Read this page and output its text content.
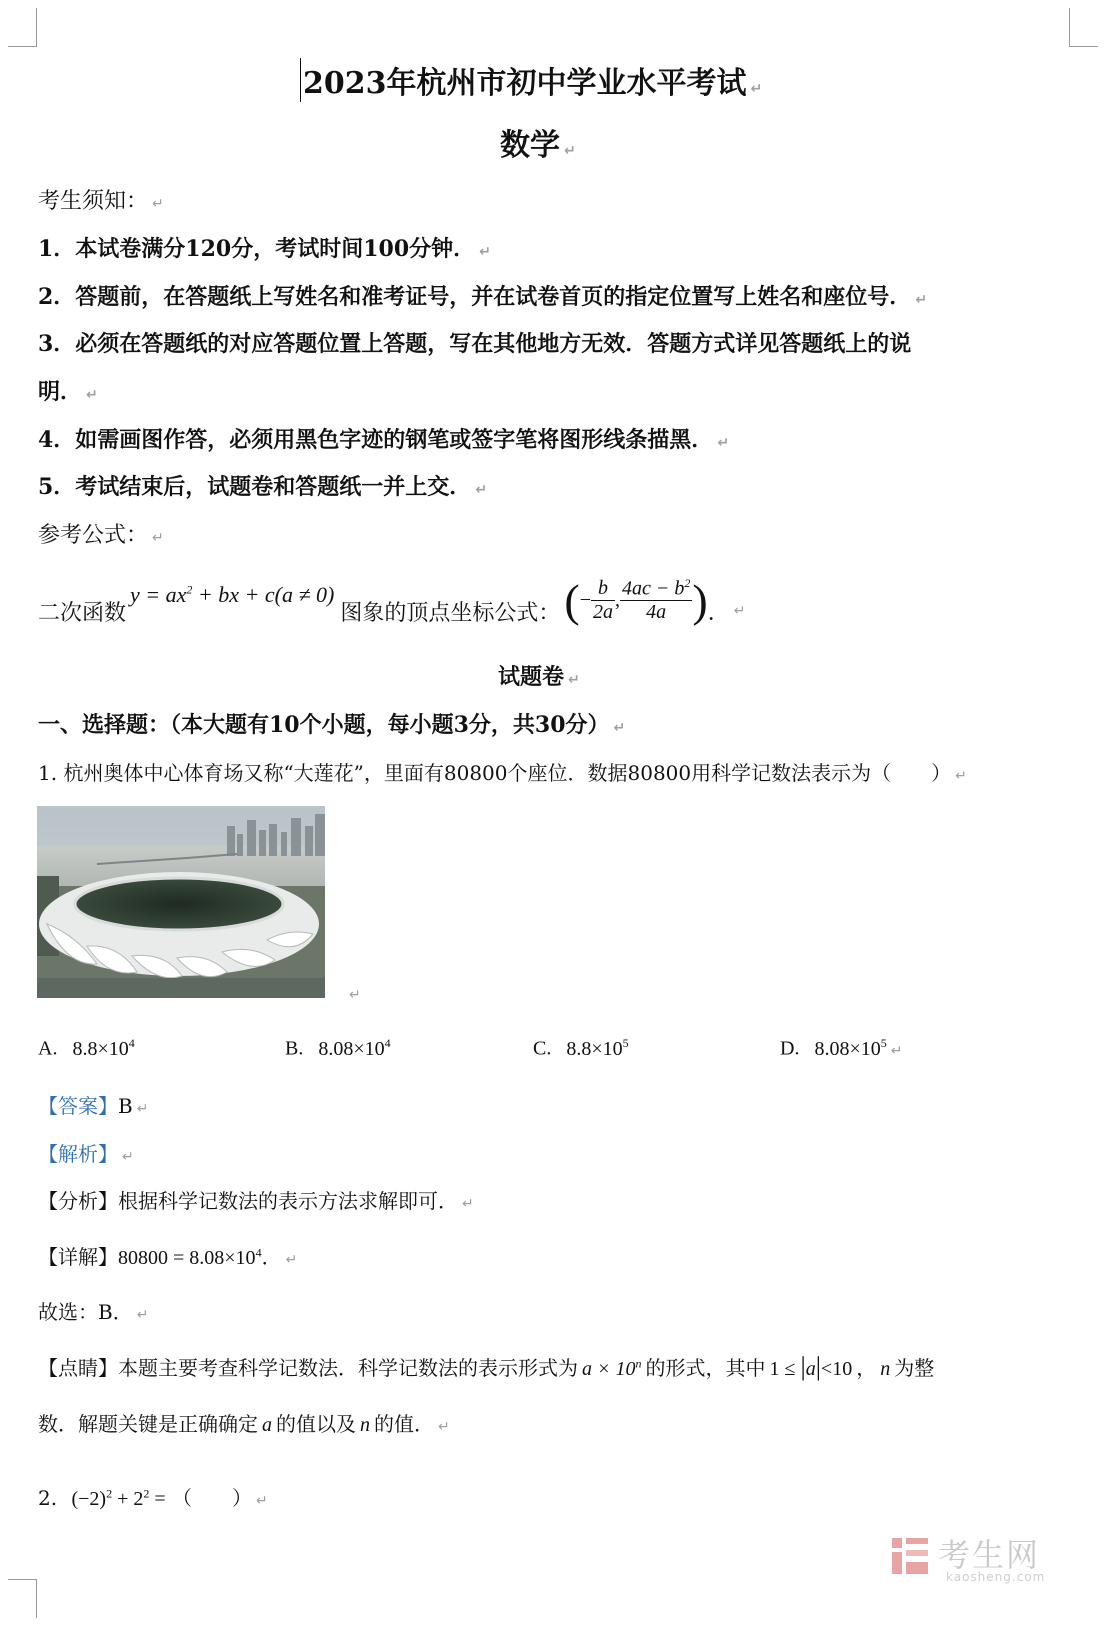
2023年杭州市初中学业水平考试 ↵
数学 ↵
考生须知： ↵
1．本试卷满分120分，考试时间100分钟． ↵
2．答题前，在答题纸上写姓名和准考证号，并在试卷首页的指定位置写上姓名和座位号． ↵
3．必须在答题纸的对应答题位置上答题，写在其他地方无效．答题方式详见答题纸上的说
明． ↵
4．如需画图作答，必须用黑色字迹的钢笔或签字笔将图形线条描黑． ↵
5．考试结束后，试题卷和答题纸一并上交． ↵
参考公式： ↵
二次函数
$y = ax^2$ + bx + c(a ≠ 0)
图象的顶点坐标公式： ( − $\frac{b}{2a}$ , $\frac{4ac - b^2}{4a}$ ) ． ↵
试题卷 ↵
一、选择题：（本大题有10个小题，每小题3分，共30分） ↵
1. 杭州奥体中心体育场又称“大莲花”，里面有80800个座位．数据80800用科学记数法表示为（　　） ↵
↵
A. $8.8\times 10^4$	B. $8.08\times 10^4$	C. $8.8\times 10^5$	D. $8.08\times 10^5$ ↵
【答案】B ↵
【解析】 ↵
【分析】根据科学记数法的表示方法求解即可． ↵
【详解】$80800 = 8.08\times 10^4$． ↵
故选：B． ↵
【点睛】本题主要考查科学记数法．科学记数法的表示形式为 $a \times 10^n$ 的形式，其中 1 ≤ |a|<10 ， n 为整
数．解题关键是正确确定 a 的值以及 n 的值． ↵
2. $(-2)^2 + 2^2$ = （　　） ↵
考生网
kaosheng.com
